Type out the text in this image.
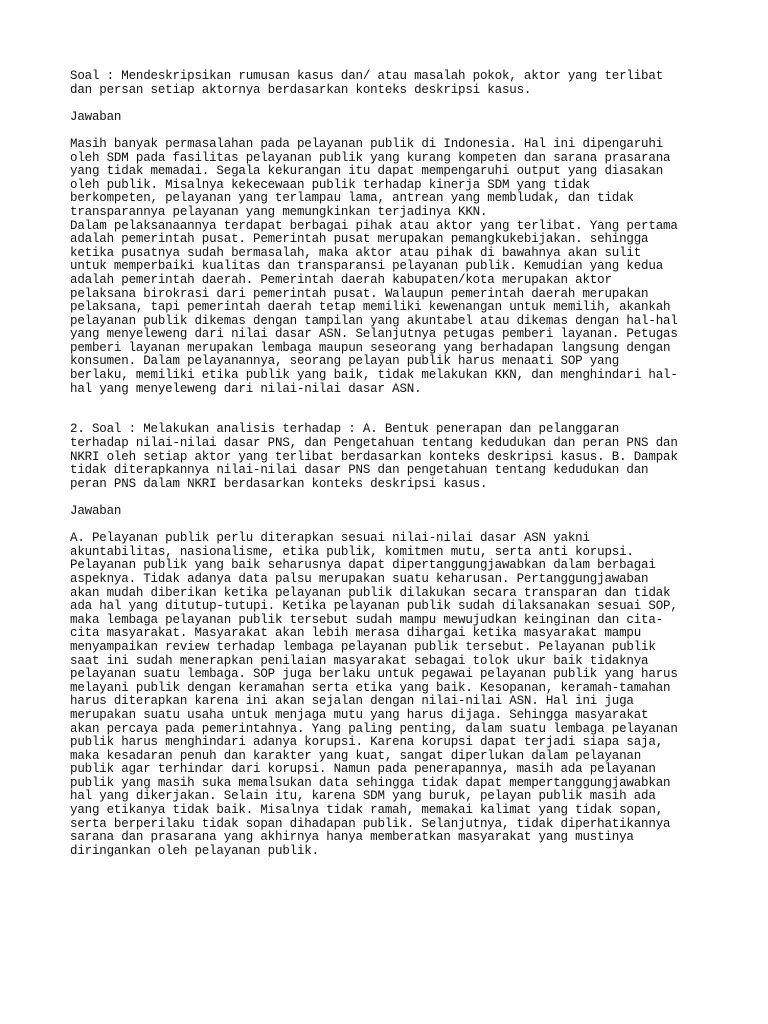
Soal : Mendeskripsikan rumusan kasus dan/ atau masalah pokok, aktor yang terlibat
dan persan setiap aktornya berdasarkan konteks deskripsi kasus.
Jawaban
Masih banyak permasalahan pada pelayanan publik di Indonesia. Hal ini dipengaruhi
oleh SDM pada fasilitas pelayanan publik yang kurang kompeten dan sarana prasarana
yang tidak memadai. Segala kekurangan itu dapat mempengaruhi output yang diasakan
oleh publik. Misalnya kekecewaan publik terhadap kinerja SDM yang tidak
berkompeten, pelayanan yang terlampau lama, antrean yang membludak, dan tidak
transparannya pelayanan yang memungkinkan terjadinya KKN.
Dalam pelaksanaannya terdapat berbagai pihak atau aktor yang terlibat. Yang pertama
adalah pemerintah pusat. Pemerintah pusat merupakan pemangkukebijakan. sehingga
ketika pusatnya sudah bermasalah, maka aktor atau pihak di bawahnya akan sulit
untuk memperbaiki kualitas dan transparansi pelayanan publik. Kemudian yang kedua
adalah pemerintah daerah. Pemerintah daerah kabupaten/kota merupakan aktor
pelaksana birokrasi dari pemerintah pusat. Walaupun pemerintah daerah merupakan
pelaksana, tapi pemerintah daerah tetap memiliki kewenangan untuk memilih, akankah
pelayanan publik dikemas dengan tampilan yang akuntabel atau dikemas dengan hal-hal
yang menyeleweng dari nilai dasar ASN. Selanjutnya petugas pemberi layanan. Petugas
pemberi layanan merupakan lembaga maupun seseorang yang berhadapan langsung dengan
konsumen. Dalam pelayanannya, seorang pelayan publik harus menaati SOP yang
berlaku, memiliki etika publik yang baik, tidak melakukan KKN, dan menghindari hal-
hal yang menyeleweng dari nilai-nilai dasar ASN.
2. Soal : Melakukan analisis terhadap : A. Bentuk penerapan dan pelanggaran
terhadap nilai-nilai dasar PNS, dan Pengetahuan tentang kedudukan dan peran PNS dan
NKRI oleh setiap aktor yang terlibat berdasarkan konteks deskripsi kasus. B. Dampak
tidak diterapkannya nilai-nilai dasar PNS dan pengetahuan tentang kedudukan dan
peran PNS dalam NKRI berdasarkan konteks deskripsi kasus.
Jawaban
A. Pelayanan publik perlu diterapkan sesuai nilai-nilai dasar ASN yakni
akuntabilitas, nasionalisme, etika publik, komitmen mutu, serta anti korupsi.
Pelayanan publik yang baik seharusnya dapat dipertanggungjawabkan dalam berbagai
aspeknya. Tidak adanya data palsu merupakan suatu keharusan. Pertanggungjawaban
akan mudah diberikan ketika pelayanan publik dilakukan secara transparan dan tidak
ada hal yang ditutup-tutupi. Ketika pelayanan publik sudah dilaksanakan sesuai SOP,
maka lembaga pelayanan publik tersebut sudah mampu mewujudkan keinginan dan cita-
cita masyarakat. Masyarakat akan lebih merasa dihargai ketika masyarakat mampu
menyampaikan review terhadap lembaga pelayanan publik tersebut. Pelayanan publik
saat ini sudah menerapkan penilaian masyarakat sebagai tolok ukur baik tidaknya
pelayanan suatu lembaga. SOP juga berlaku untuk pegawai pelayanan publik yang harus
melayani publik dengan keramahan serta etika yang baik. Kesopanan, keramah-tamahan
harus diterapkan karena ini akan sejalan dengan nilai-nilai ASN. Hal ini juga
merupakan suatu usaha untuk menjaga mutu yang harus dijaga. Sehingga masyarakat
akan percaya pada pemerintahnya. Yang paling penting, dalam suatu lembaga pelayanan
publik harus menghindari adanya korupsi. Karena korupsi dapat terjadi siapa saja,
maka kesadaran penuh dan karakter yang kuat, sangat diperlukan dalam pelayanan
publik agar terhindar dari korupsi. Namun pada penerapannya, masih ada pelayanan
publik yang masih suka memalsukan data sehingga tidak dapat mempertanggungjawabkan
hal yang dikerjakan. Selain itu, karena SDM yang buruk, pelayan publik masih ada
yang etikanya tidak baik. Misalnya tidak ramah, memakai kalimat yang tidak sopan,
serta berperilaku tidak sopan dihadapan publik. Selanjutnya, tidak diperhatikannya
sarana dan prasarana yang akhirnya hanya memberatkan masyarakat yang mustinya
diringankan oleh pelayanan publik.
